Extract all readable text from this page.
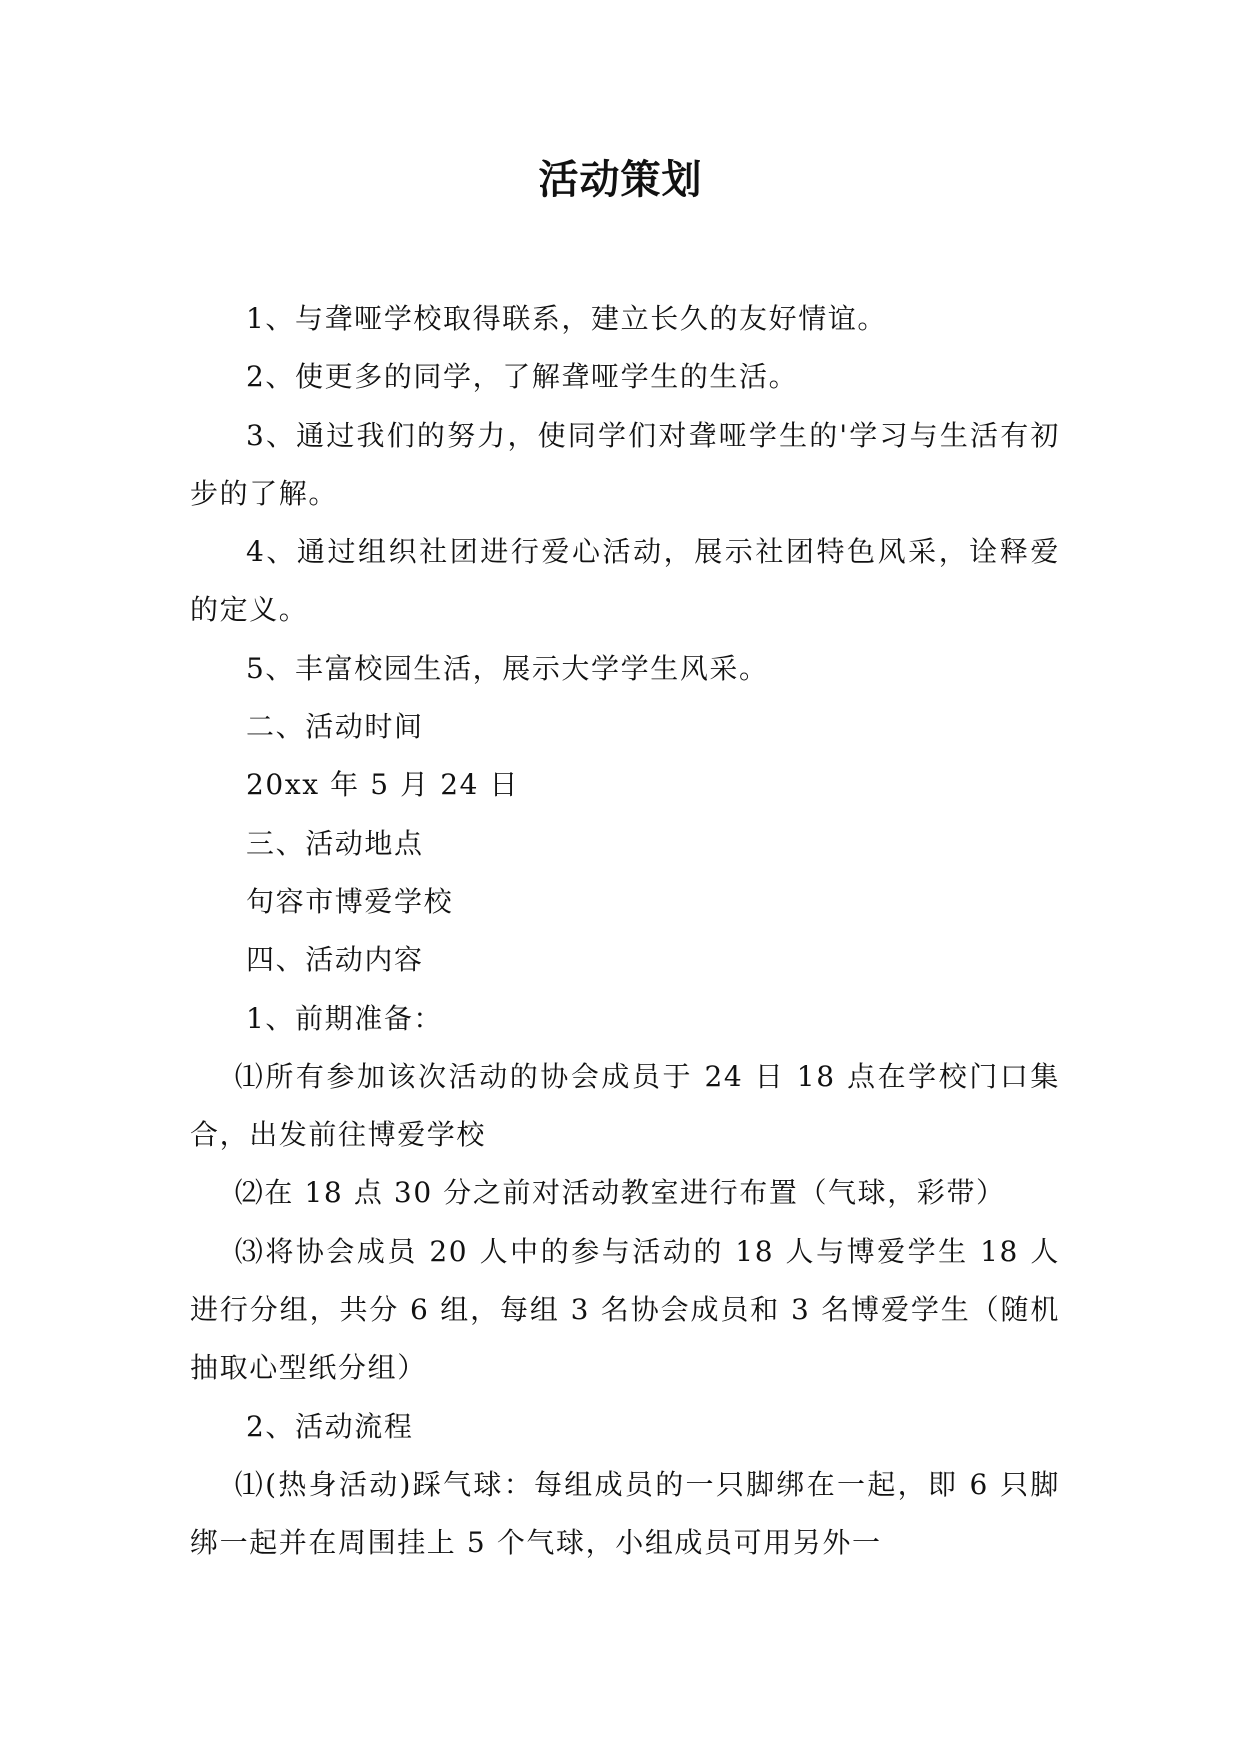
活动策划

1、与聋哑学校取得联系，建立长久的友好情谊。

2、使更多的同学，了解聋哑学生的生活。

3、通过我们的努力，使同学们对聋哑学生的'学习与生活有初步的了解。

4、通过组织社团进行爱心活动，展示社团特色风采，诠释爱的定义。

5、丰富校园生活，展示大学学生风采。

二、活动时间

20xx 年 5 月 24 日

三、活动地点

句容市博爱学校

四、活动内容

1、前期准备：

⑴所有参加该次活动的协会成员于 24 日 18 点在学校门口集合，出发前往博爱学校

⑵在 18 点 30 分之前对活动教室进行布置（气球，彩带）

⑶将协会成员 20 人中的参与活动的 18 人与博爱学生 18 人进行分组，共分 6 组，每组 3 名协会成员和 3 名博爱学生（随机抽取心型纸分组）

2、活动流程

⑴(热身活动)踩气球：每组成员的一只脚绑在一起，即 6 只脚绑一起并在周围挂上 5 个气球，小组成员可用另外一
